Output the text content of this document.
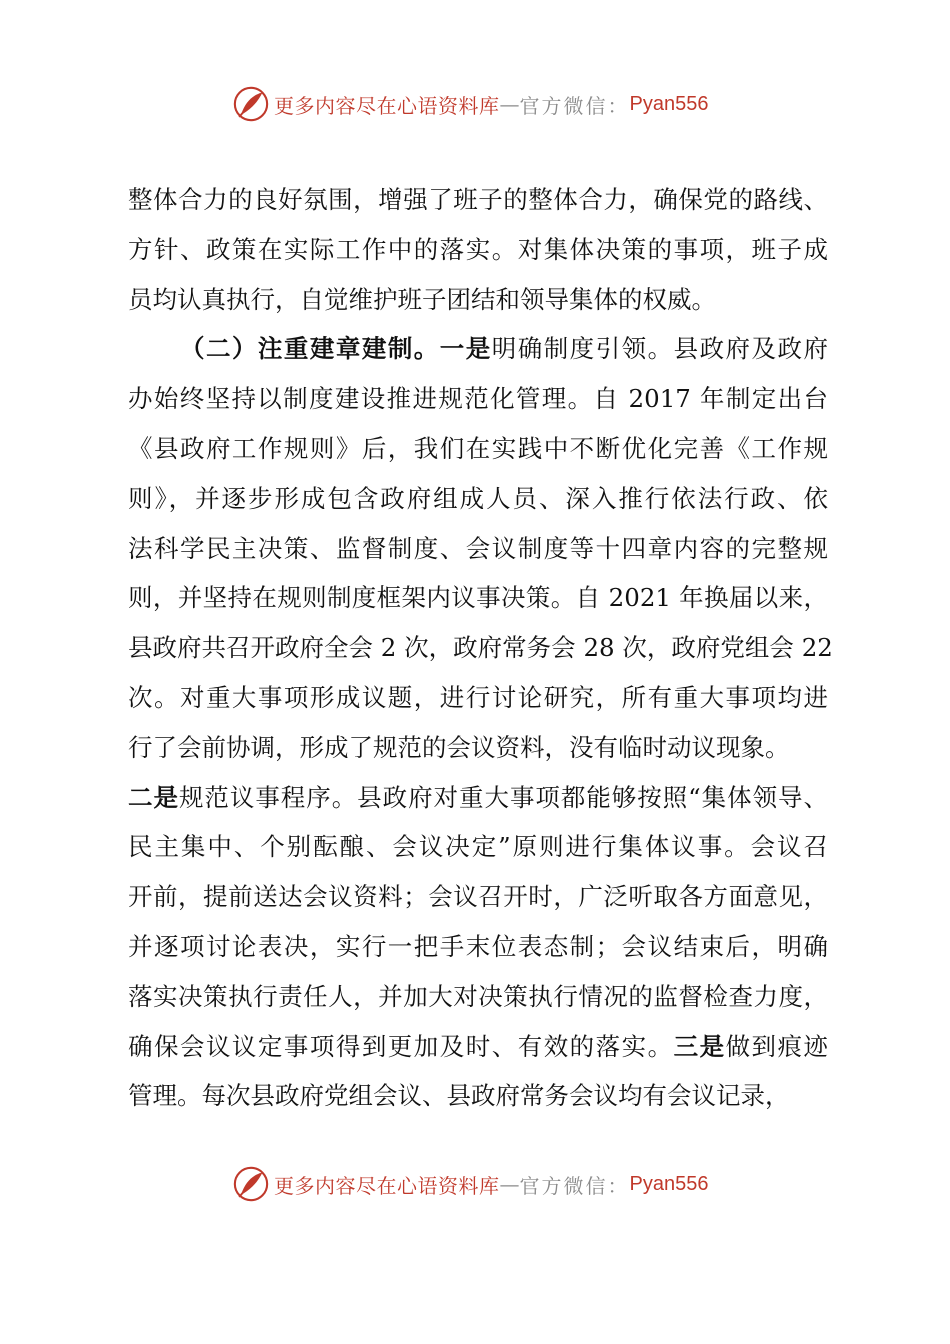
更多内容尽在心语资料库 — 官方微信： Pyan556
整体合力的良好氛围，增强了班子的整体合力，确保党的路线、
方针、政策在实际工作中的落实。对集体决策的事项，班子成
员均认真执行，自觉维护班子团结和领导集体的权威。
（二）注重建章建制。一是明确制度引领。县政府及政府
办始终坚持以制度建设推进规范化管理。自 2017 年制定出台
《县政府工作规则》后，我们在实践中不断优化完善《工作规
则》，并逐步形成包含政府组成人员、深入推行依法行政、依
法科学民主决策、监督制度、会议制度等十四章内容的完整规
则，并坚持在规则制度框架内议事决策。自 2021 年换届以来，
县政府共召开政府全会 2 次，政府常务会 28 次，政府党组会 22
次。对重大事项形成议题，进行讨论研究，所有重大事项均进
行了会前协调，形成了规范的会议资料，没有临时动议现象。
二是规范议事程序。县政府对重大事项都能够按照“集体领导、
民主集中、个别酝酿、会议决定”原则进行集体议事。会议召
开前，提前送达会议资料；会议召开时，广泛听取各方面意见，
并逐项讨论表决，实行一把手末位表态制；会议结束后，明确
落实决策执行责任人，并加大对决策执行情况的监督检查力度，
确保会议议定事项得到更加及时、有效的落实。三是做到痕迹
管理。每次县政府党组会议、县政府常务会议均有会议记录，
更多内容尽在心语资料库 — 官方微信： Pyan556
